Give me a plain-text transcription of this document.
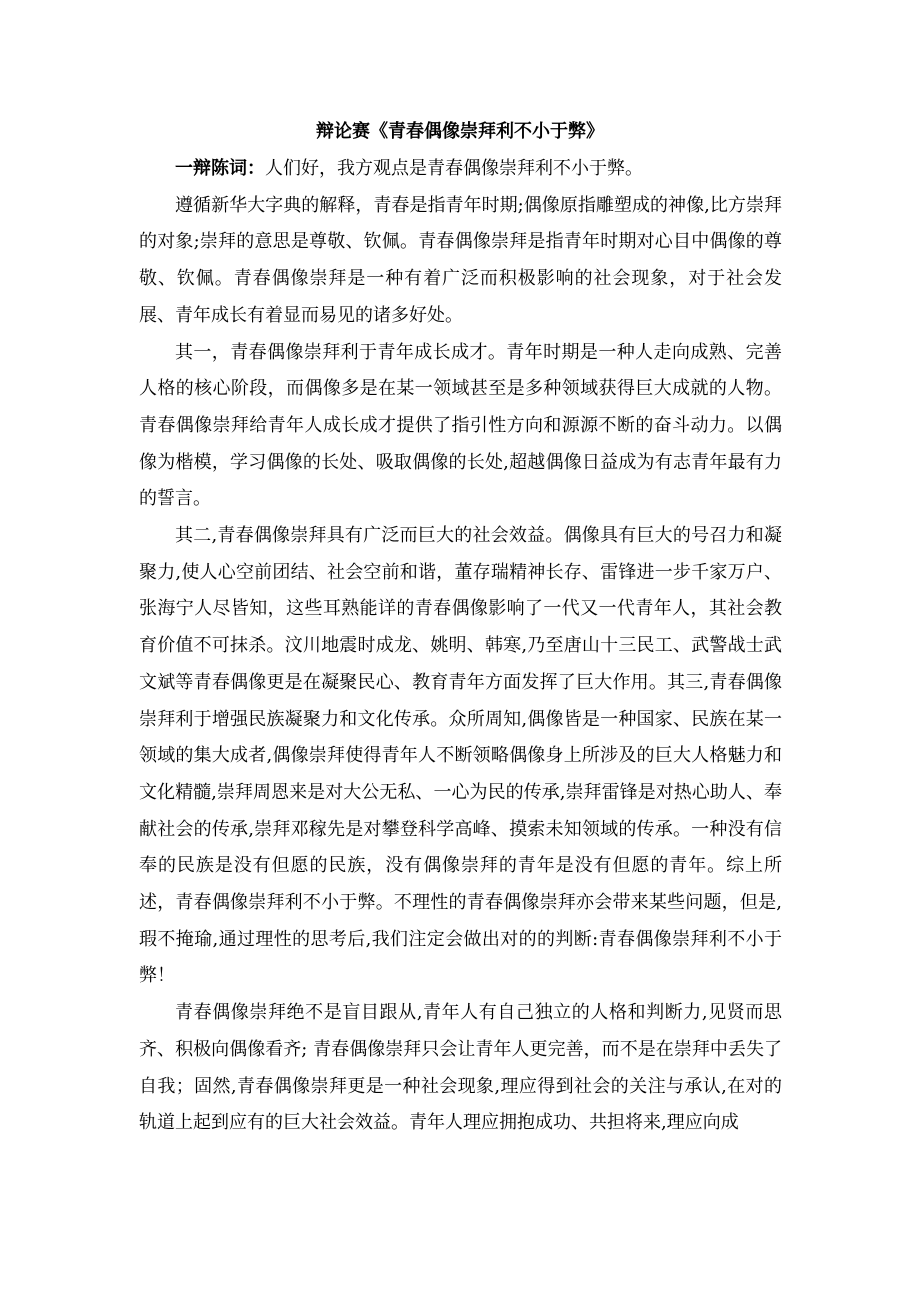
辩论赛《青春偶像崇拜利不小于弊》

一辩陈词：人们好，我方观点是青春偶像崇拜利不小于弊。

遵循新华大字典的解释，青春是指青年时期;偶像原指雕塑成的神像,比方崇拜的对象;崇拜的意思是尊敬、钦佩。青春偶像崇拜是指青年时期对心目中偶像的尊敬、钦佩。青春偶像崇拜是一种有着广泛而积极影响的社会现象，对于社会发展、青年成长有着显而易见的诸多好处。

其一，青春偶像崇拜利于青年成长成才。青年时期是一种人走向成熟、完善人格的核心阶段，而偶像多是在某一领域甚至是多种领域获得巨大成就的人物。青春偶像崇拜给青年人成长成才提供了指引性方向和源源不断的奋斗动力。以偶像为楷模，学习偶像的长处、吸取偶像的长处,超越偶像日益成为有志青年最有力的誓言。

其二,青春偶像崇拜具有广泛而巨大的社会效益。偶像具有巨大的号召力和凝聚力,使人心空前团结、社会空前和谐，董存瑞精神长存、雷锋进一步千家万户、张海宁人尽皆知，这些耳熟能详的青春偶像影响了一代又一代青年人，其社会教育价值不可抹杀。汶川地震时成龙、姚明、韩寒,乃至唐山十三民工、武警战士武文斌等青春偶像更是在凝聚民心、教育青年方面发挥了巨大作用。其三,青春偶像崇拜利于增强民族凝聚力和文化传承。众所周知,偶像皆是一种国家、民族在某一领域的集大成者,偶像崇拜使得青年人不断领略偶像身上所涉及的巨大人格魅力和文化精髓,崇拜周恩来是对大公无私、一心为民的传承,崇拜雷锋是对热心助人、奉献社会的传承,崇拜邓稼先是对攀登科学高峰、摸索未知领域的传承。一种没有信奉的民族是没有但愿的民族，没有偶像崇拜的青年是没有但愿的青年。综上所述，青春偶像崇拜利不小于弊。不理性的青春偶像崇拜亦会带来某些问题，但是,瑕不掩瑜,通过理性的思考后,我们注定会做出对的的判断:青春偶像崇拜利不小于弊！

青春偶像崇拜绝不是盲目跟从,青年人有自己独立的人格和判断力,见贤而思齐、积极向偶像看齐; 青春偶像崇拜只会让青年人更完善，而不是在崇拜中丢失了自我；固然,青春偶像崇拜更是一种社会现象,理应得到社会的关注与承认,在对的轨道上起到应有的巨大社会效益。青年人理应拥抱成功、共担将来,理应向成
